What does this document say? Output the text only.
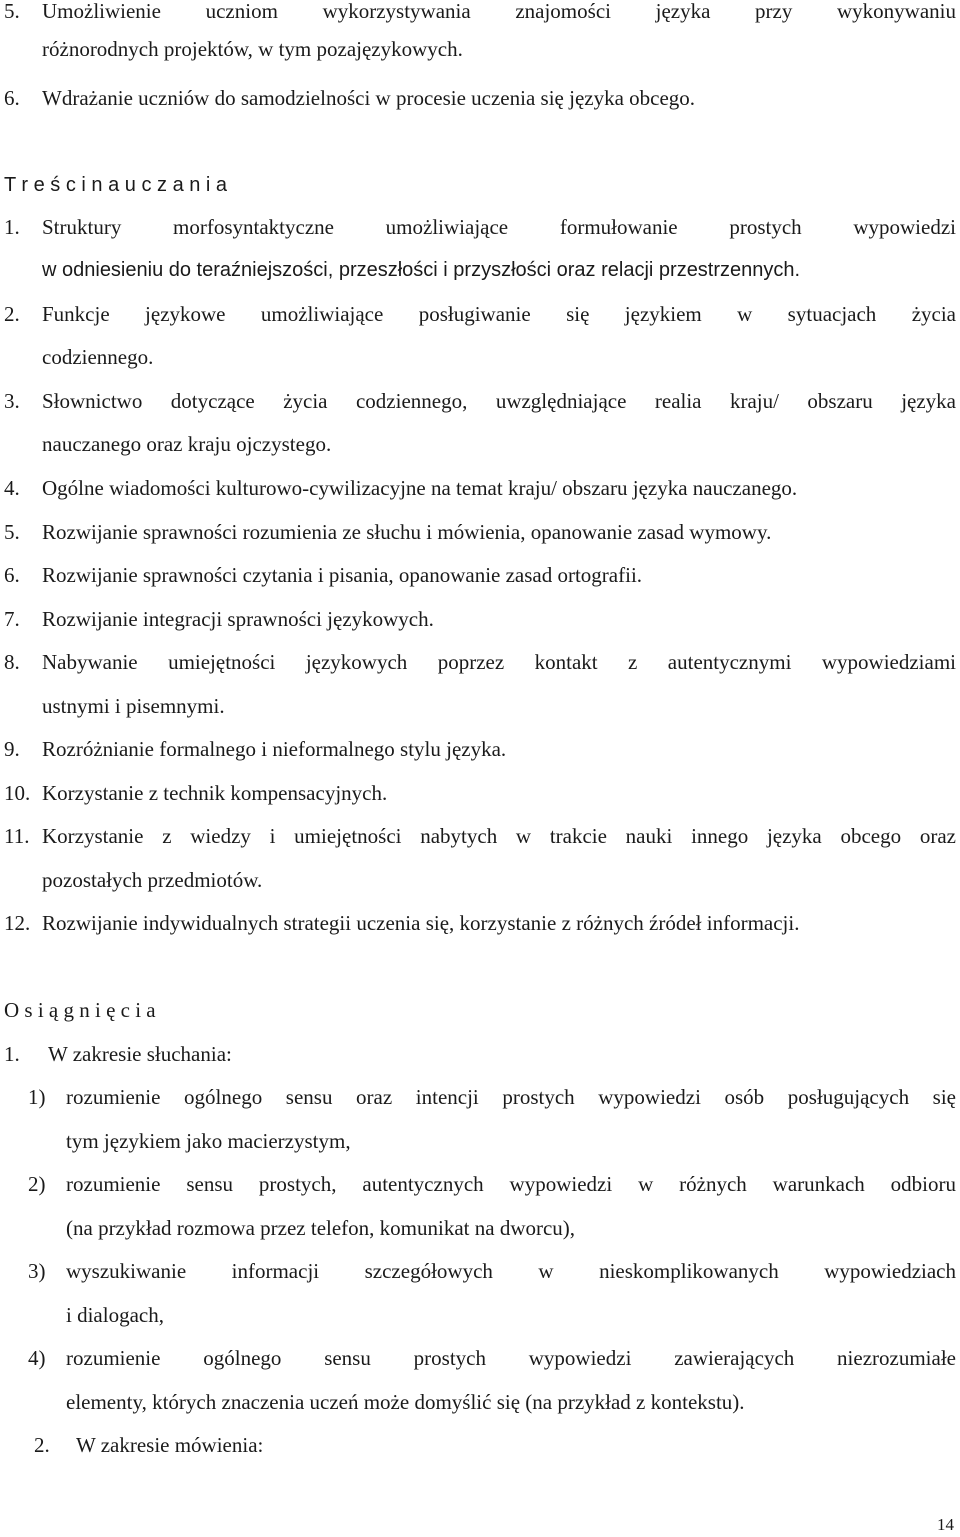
5. Umożliwienie uczniom wykorzystywania znajomości języka przy wykonywaniu
różnorodnych projektów, w tym pozajęzykowych.
6. Wdrażanie uczniów do samodzielności w procesie uczenia się języka obcego.
T r e ś c i n a u c z a n i a
1. Struktury morfosyntaktyczne umożliwiające formułowanie prostych wypowiedzi
w odniesieniu do teraźniejszości, przeszłości i przyszłości oraz relacji przestrzennych.
2. Funkcje językowe umożliwiające posługiwanie się językiem w sytuacjach życia
codziennego.
3. Słownictwo dotyczące życia codziennego, uwzględniające realia kraju/ obszaru języka
nauczanego oraz kraju ojczystego.
4. Ogólne wiadomości kulturowo-cywilizacyjne na temat kraju/ obszaru języka nauczanego.
5. Rozwijanie sprawności rozumienia ze słuchu i mówienia, opanowanie zasad wymowy.
6. Rozwijanie sprawności czytania i pisania, opanowanie zasad ortografii.
7. Rozwijanie integracji sprawności językowych.
8. Nabywanie umiejętności językowych poprzez kontakt z autentycznymi wypowiedziami
ustnymi i pisemnymi.
9. Rozróżnianie formalnego i nieformalnego stylu języka.
10. Korzystanie z technik kompensacyjnych.
11. Korzystanie z wiedzy i umiejętności nabytych w trakcie nauki innego języka obcego oraz
pozostałych przedmiotów.
12. Rozwijanie indywidualnych strategii uczenia się, korzystanie z różnych źródeł informacji.
O s i ą g n i ę c i a
1. W zakresie słuchania:
1) rozumienie ogólnego sensu oraz intencji prostych wypowiedzi osób posługujących się
tym językiem jako macierzystym,
2) rozumienie sensu prostych, autentycznych wypowiedzi w różnych warunkach odbioru
(na przykład rozmowa przez telefon, komunikat na dworcu),
3) wyszukiwanie informacji szczegółowych w nieskomplikowanych wypowiedziach
i dialogach,
4) rozumienie ogólnego sensu prostych wypowiedzi zawierających niezrozumiałe
elementy, których znaczenia uczeń może domyślić się (na przykład z kontekstu).
2. W zakresie mówienia:
14
